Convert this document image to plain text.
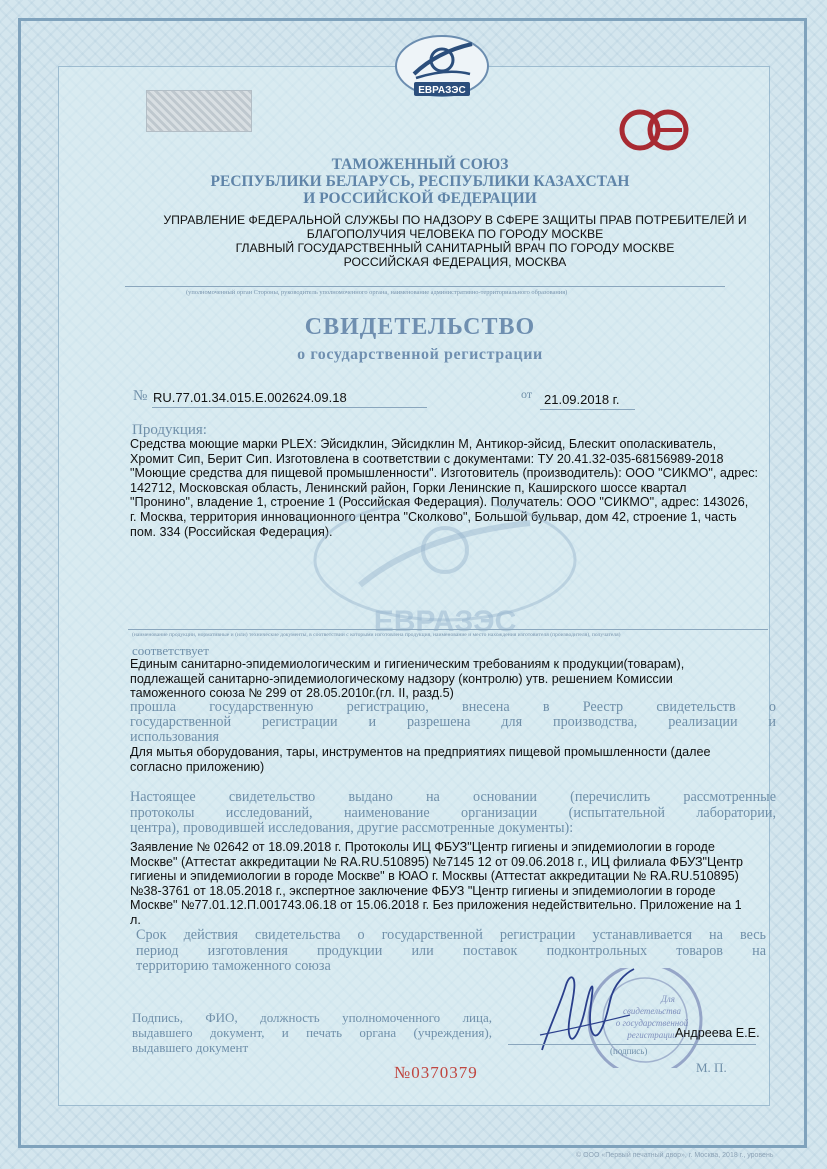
ЕВРАЗЭС
ТАМОЖЕННЫЙ СОЮЗ
РЕСПУБЛИКИ БЕЛАРУСЬ, РЕСПУБЛИКИ КАЗАХСТАН
И РОССИЙСКОЙ ФЕДЕРАЦИИ
УПРАВЛЕНИЕ ФЕДЕРАЛЬНОЙ СЛУЖБЫ ПО НАДЗОРУ В СФЕРЕ ЗАЩИТЫ ПРАВ ПОТРЕБИТЕЛЕЙ И
БЛАГОПОЛУЧИЯ ЧЕЛОВЕКА ПО ГОРОДУ МОСКВЕ
ГЛАВНЫЙ ГОСУДАРСТВЕННЫЙ САНИТАРНЫЙ ВРАЧ ПО ГОРОДУ МОСКВЕ
РОССИЙСКАЯ ФЕДЕРАЦИЯ, МОСКВА
(уполномоченный орган Стороны, руководитель уполномоченного органа, наименование административно-территориального образования)
СВИДЕТЕЛЬСТВО
о государственной регистрации
№ RU.77.01.34.015.E.002624.09.18	от 21.09.2018 г.
Продукция:
Средства моющие марки PLEX: Эйсидклин, Эйсидклин М, Антикор-эйсид, Блескит ополаскиватель,
Хромит Сип, Берит Сип. Изготовлена в соответствии с документами: ТУ 20.41.32-035-68156989-2018
"Моющие средства для пищевой промышленности". Изготовитель (производитель): ООО "СИКМО", адрес:
142712, Московская область, Ленинский район, Горки Ленинские п, Каширского шоссе квартал
"Пронино", владение 1, строение 1 (Российская Федерация). Получатель: ООО "СИКМО", адрес: 143026,
г. Москва, территория инновационного центра "Сколково", Большой бульвар, дом 42, строение 1, часть
пом. 334 (Российская Федерация).
ЕВРАЗЭС
(наименование продукции, нормативные и (или) технические документы, в соответствии с которыми изготовлена продукция, наименование и место нахождения изготовителя (производителя), получателя)
соответствует
Единым санитарно-эпидемиологическим и гигиеническим требованиям к продукции(товарам),
подлежащей санитарно-эпидемиологическому надзору (контролю) утв. решением Комиссии
таможенного союза № 299 от 28.05.2010г.(гл. II, разд.5)
прошла государственную регистрацию, внесена в Реестр свидетельств о
государственной регистрации и разрешена для производства, реализации и
использования
Для мытья оборудования, тары, инструментов на предприятиях пищевой промышленности (далее
согласно приложению)
Настоящее свидетельство выдано на основании (перечислить рассмотренные
протоколы исследований, наименование организации (испытательной лаборатории,
центра), проводившей исследования, другие рассмотренные документы):
Заявление № 02642 от 18.09.2018 г. Протоколы ИЦ ФБУЗ"Центр гигиены и эпидемиологии в городе
Москве" (Аттестат аккредитации № RA.RU.510895) №7145 12 от 09.06.2018 г., ИЦ филиала ФБУЗ"Центр
гигиены и эпидемиологии в городе Москве" в ЮАО г. Москвы (Аттестат аккредитации № RA.RU.510895)
№38-3761 от 18.05.2018 г., экспертное заключение ФБУЗ "Центр гигиены и эпидемиологии в городе
Москве" №77.01.12.П.001743.06.18 от 15.06.2018 г. Без приложения недействительно. Приложение на 1
л.
Срок действия свидетельства о государственной регистрации устанавливается на весь
период изготовления продукции или поставок подконтрольных товаров на
территорию таможенного союза
Подпись, ФИО, должность уполномоченного лица,
выдавшего документ, и печать органа (учреждения),
выдавшего документ
Для
свидетельства
о государственной
регистрации
Андреева Е.Е.
(подпись)
М. П.
№0370379
© ООО «Первый печатный двор», г. Москва, 2018 г., уровень
